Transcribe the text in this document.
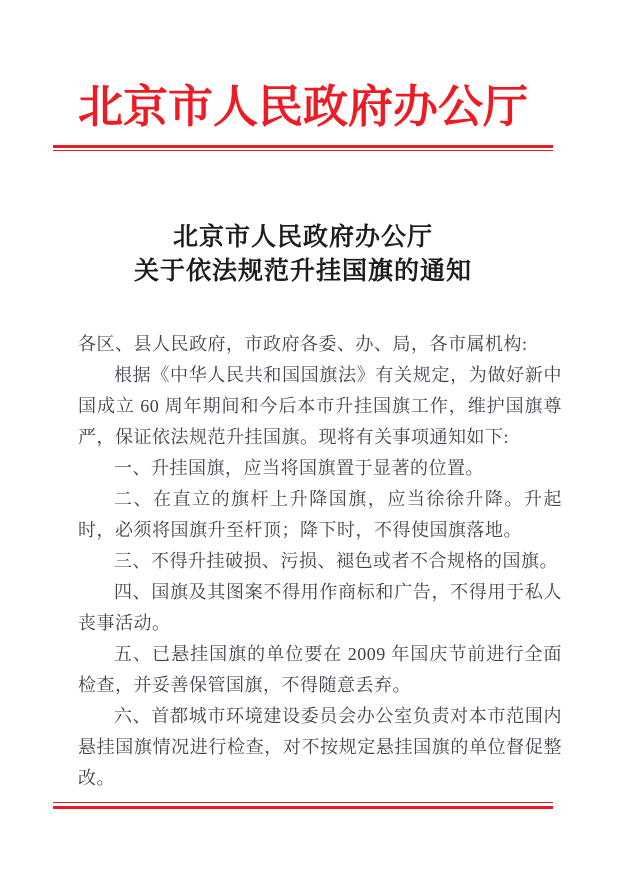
北京市人民政府办公厅
北京市人民政府办公厅
关于依法规范升挂国旗的通知

各区、县人民政府，市政府各委、办、局，各市属机构:

根据《中华人民共和国国旗法》有关规定，为做好新中国成立 60 周年期间和今后本市升挂国旗工作，维护国旗尊严，保证依法规范升挂国旗。现将有关事项通知如下:

一、升挂国旗，应当将国旗置于显著的位置。

二、在直立的旗杆上升降国旗，应当徐徐升降。升起时，必须将国旗升至杆顶；降下时，不得使国旗落地。

三、不得升挂破损、污损、褪色或者不合规格的国旗。

四、国旗及其图案不得用作商标和广告，不得用于私人丧事活动。

五、已悬挂国旗的单位要在 2009 年国庆节前进行全面检查，并妥善保管国旗，不得随意丢弃。

六、首都城市环境建设委员会办公室负责对本市范围内悬挂国旗情况进行检查，对不按规定悬挂国旗的单位督促整改。
